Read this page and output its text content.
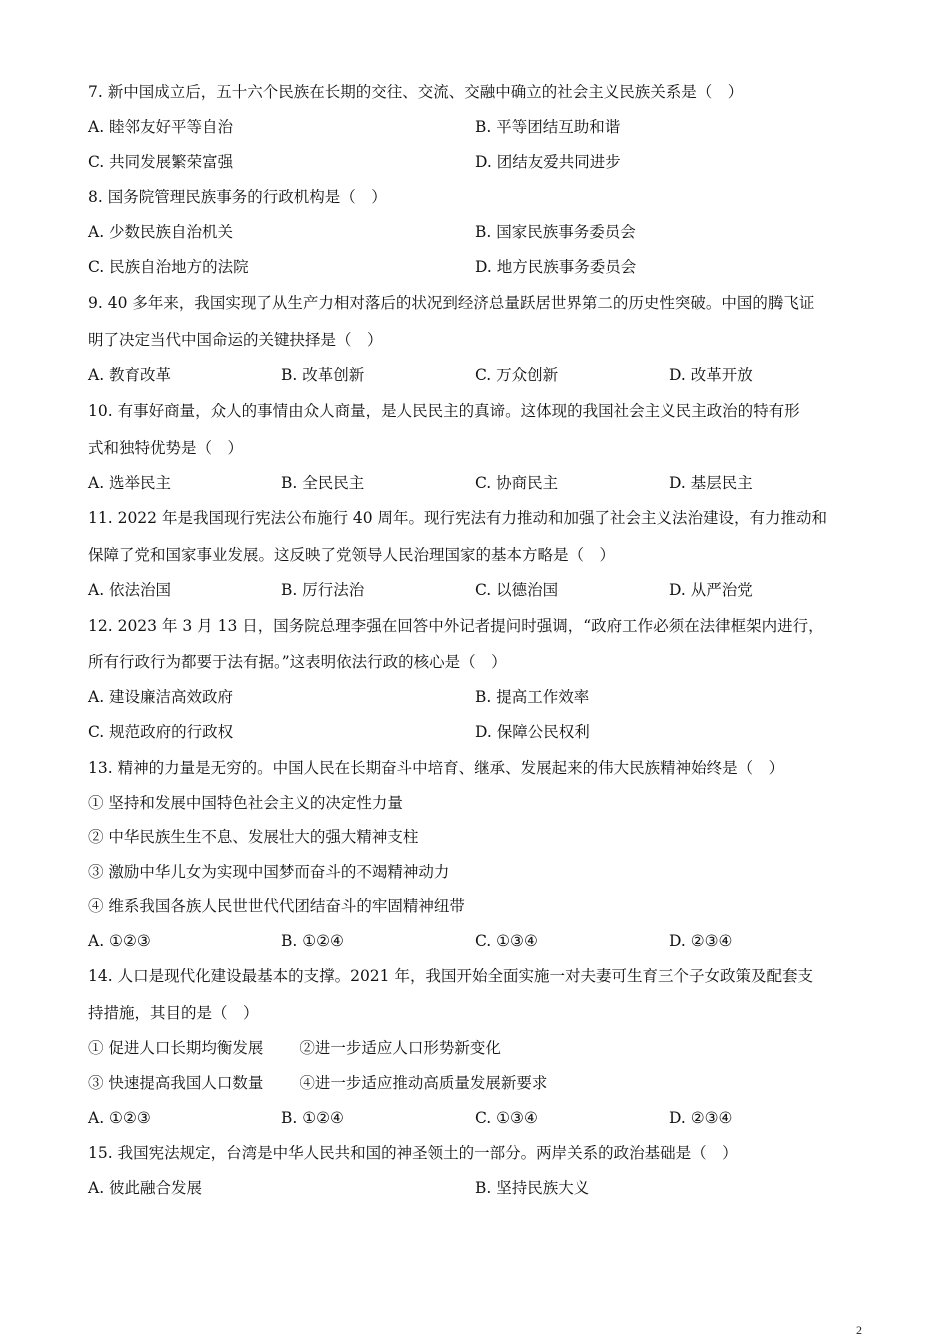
7. 新中国成立后，五十六个民族在长期的交往、交流、交融中确立的社会主义民族关系是（　）
A. 睦邻友好平等自治	B. 平等团结互助和谐
C. 共同发展繁荣富强	D. 团结友爱共同进步
8. 国务院管理民族事务的行政机构是（　）
A. 少数民族自治机关	B. 国家民族事务委员会
C. 民族自治地方的法院	D. 地方民族事务委员会
9. 40 多年来，我国实现了从生产力相对落后的状况到经济总量跃居世界第二的历史性突破。中国的腾飞证
明了决定当代中国命运的关键抉择是（　）
A. 教育改革	B. 改革创新	C. 万众创新	D. 改革开放
10. 有事好商量，众人的事情由众人商量，是人民民主的真谛。这体现的我国社会主义民主政治的特有形
式和独特优势是（　）
A. 选举民主	B. 全民民主	C. 协商民主	D. 基层民主
11. 2022 年是我国现行宪法公布施行 40 周年。现行宪法有力推动和加强了社会主义法治建设，有力推动和
保障了党和国家事业发展。这反映了党领导人民治理国家的基本方略是（　）
A. 依法治国	B. 厉行法治	C. 以德治国	D. 从严治党
12. 2023 年 3 月 13 日，国务院总理李强在回答中外记者提问时强调，“政府工作必须在法律框架内进行，
所有行政行为都要于法有据。”这表明依法行政的核心是（　）
A. 建设廉洁高效政府	B. 提高工作效率
C. 规范政府的行政权	D. 保障公民权利
13. 精神的力量是无穷的。中国人民在长期奋斗中培育、继承、发展起来的伟大民族精神始终是（　）
① 坚持和发展中国特色社会主义的决定性力量
② 中华民族生生不息、发展壮大的强大精神支柱
③ 激励中华儿女为实现中国梦而奋斗的不竭精神动力
④ 维系我国各族人民世世代代团结奋斗的牢固精神纽带
A. ①②③	B. ①②④	C. ①③④	D. ②③④
14. 人口是现代化建设最基本的支撑。2021 年，我国开始全面实施一对夫妻可生育三个子女政策及配套支
持措施，其目的是（　）
① 促进人口长期均衡发展　　 ②进一步适应人口形势新变化
③ 快速提高我国人口数量　　 ④进一步适应推动高质量发展新要求
A. ①②③	B. ①②④	C. ①③④	D. ②③④
15. 我国宪法规定，台湾是中华人民共和国的神圣领土的一部分。两岸关系的政治基础是（　）
A. 彼此融合发展	B. 坚持民族大义
2
